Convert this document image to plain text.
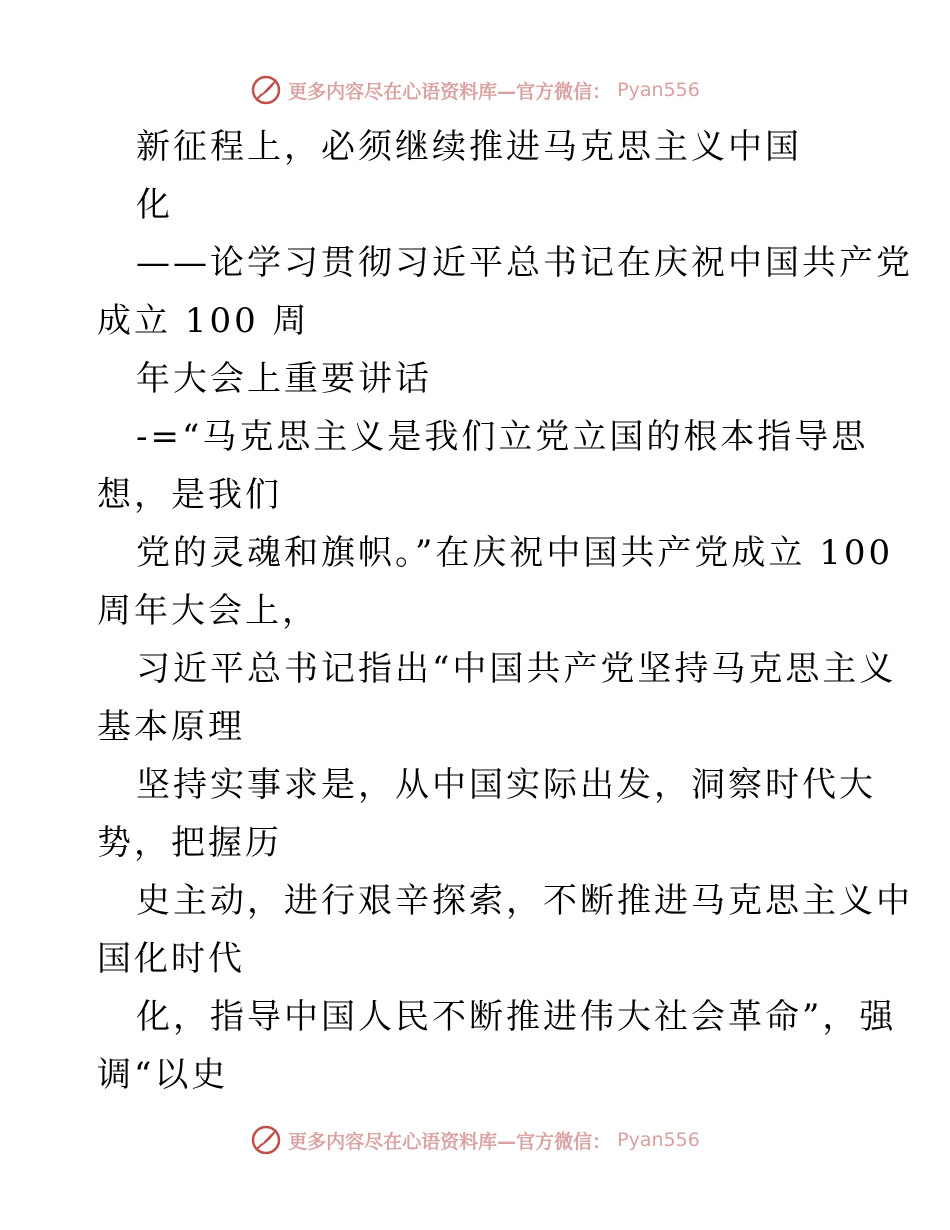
更多内容尽在心语资料库—官方微信： Pyan556
新征程上，必须继续推进马克思主义中国
化
——论学习贯彻习近平总书记在庆祝中国共产党
成立 100 周
年大会上重要讲话
-=“马克思主义是我们立党立国的根本指导思
想，是我们
党的灵魂和旗帜。”在庆祝中国共产党成立 100
周年大会上，
习近平总书记指出“中国共产党坚持马克思主义
基本原理
坚持实事求是，从中国实际出发，洞察时代大
势，把握历
史主动，进行艰辛探索，不断推进马克思主义中
国化时代
化，指导中国人民不断推进伟大社会革命”，强
调“以史
更多内容尽在心语资料库—官方微信： Pyan556
